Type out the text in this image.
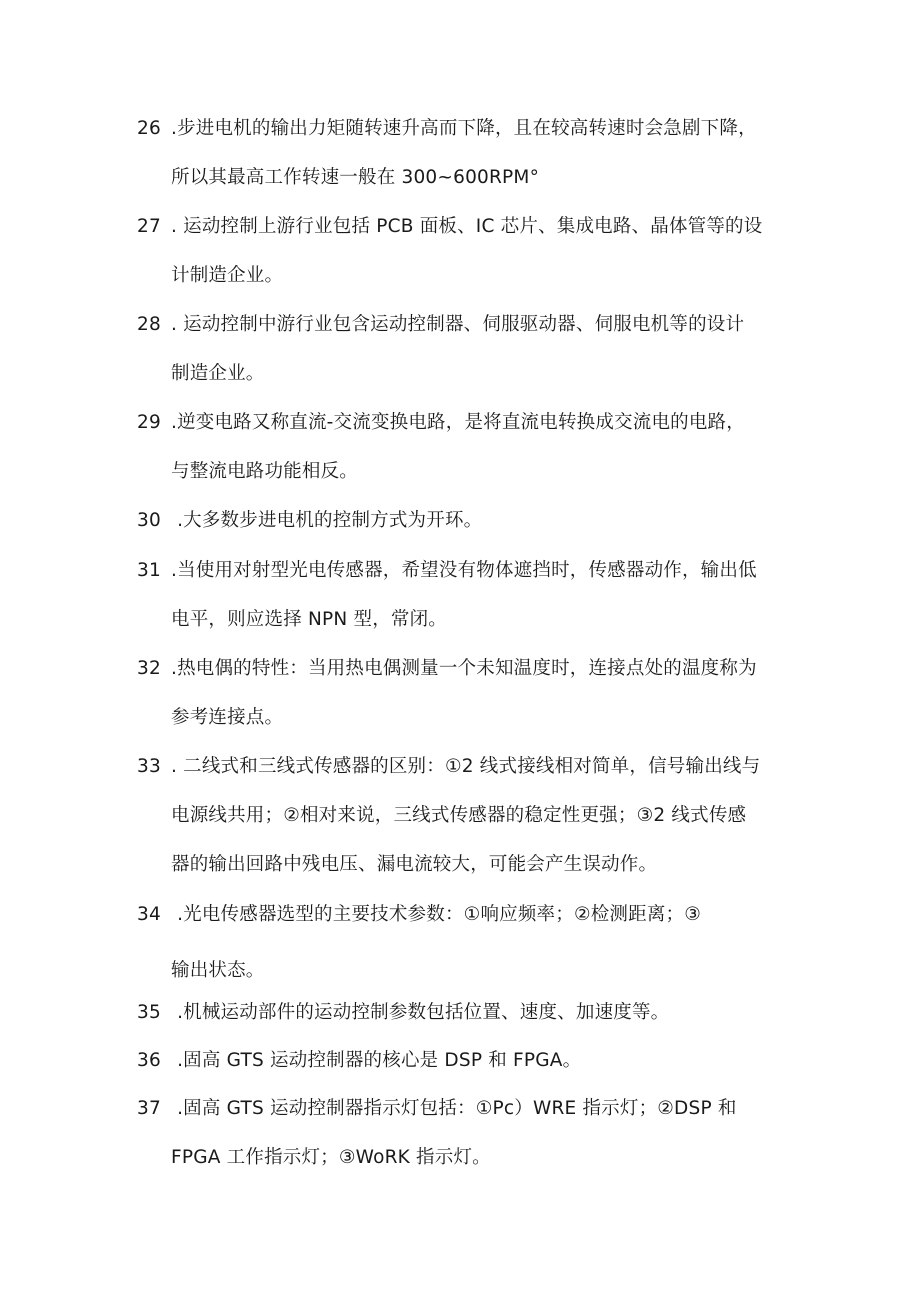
26 .步进电机的输出力矩随转速升高而下降，且在较高转速时会急剧下降，
所以其最高工作转速一般在 300~600RPM°
27 . 运动控制上游行业包括 PCB 面板、IC 芯片、集成电路、晶体管等的设
计制造企业。
28 . 运动控制中游行业包含运动控制器、伺服驱动器、伺服电机等的设计
制造企业。
29 .逆变电路又称直流-交流变换电路，是将直流电转换成交流电的电路，
与整流电路功能相反。
30 .大多数步进电机的控制方式为开环。
31 .当使用对射型光电传感器，希望没有物体遮挡时，传感器动作，输出低
电平，则应选择 NPN 型，常闭。
32 .热电偶的特性：当用热电偶测量一个未知温度时，连接点处的温度称为
参考连接点。
33 . 二线式和三线式传感器的区别：①2 线式接线相对简单，信号输出线与
电源线共用；②相对来说，三线式传感器的稳定性更强；③2 线式传感
器的输出回路中残电压、漏电流较大，可能会产生误动作。
34 .光电传感器选型的主要技术参数：①响应频率；②检测距离；③
输出状态。
35 .机械运动部件的运动控制参数包括位置、速度、加速度等。
36 .固高 GTS 运动控制器的核心是 DSP 和 FPGA。
37 .固高 GTS 运动控制器指示灯包括：①Pc）WRE 指示灯；②DSP 和
FPGA 工作指示灯；③WoRK 指示灯。
